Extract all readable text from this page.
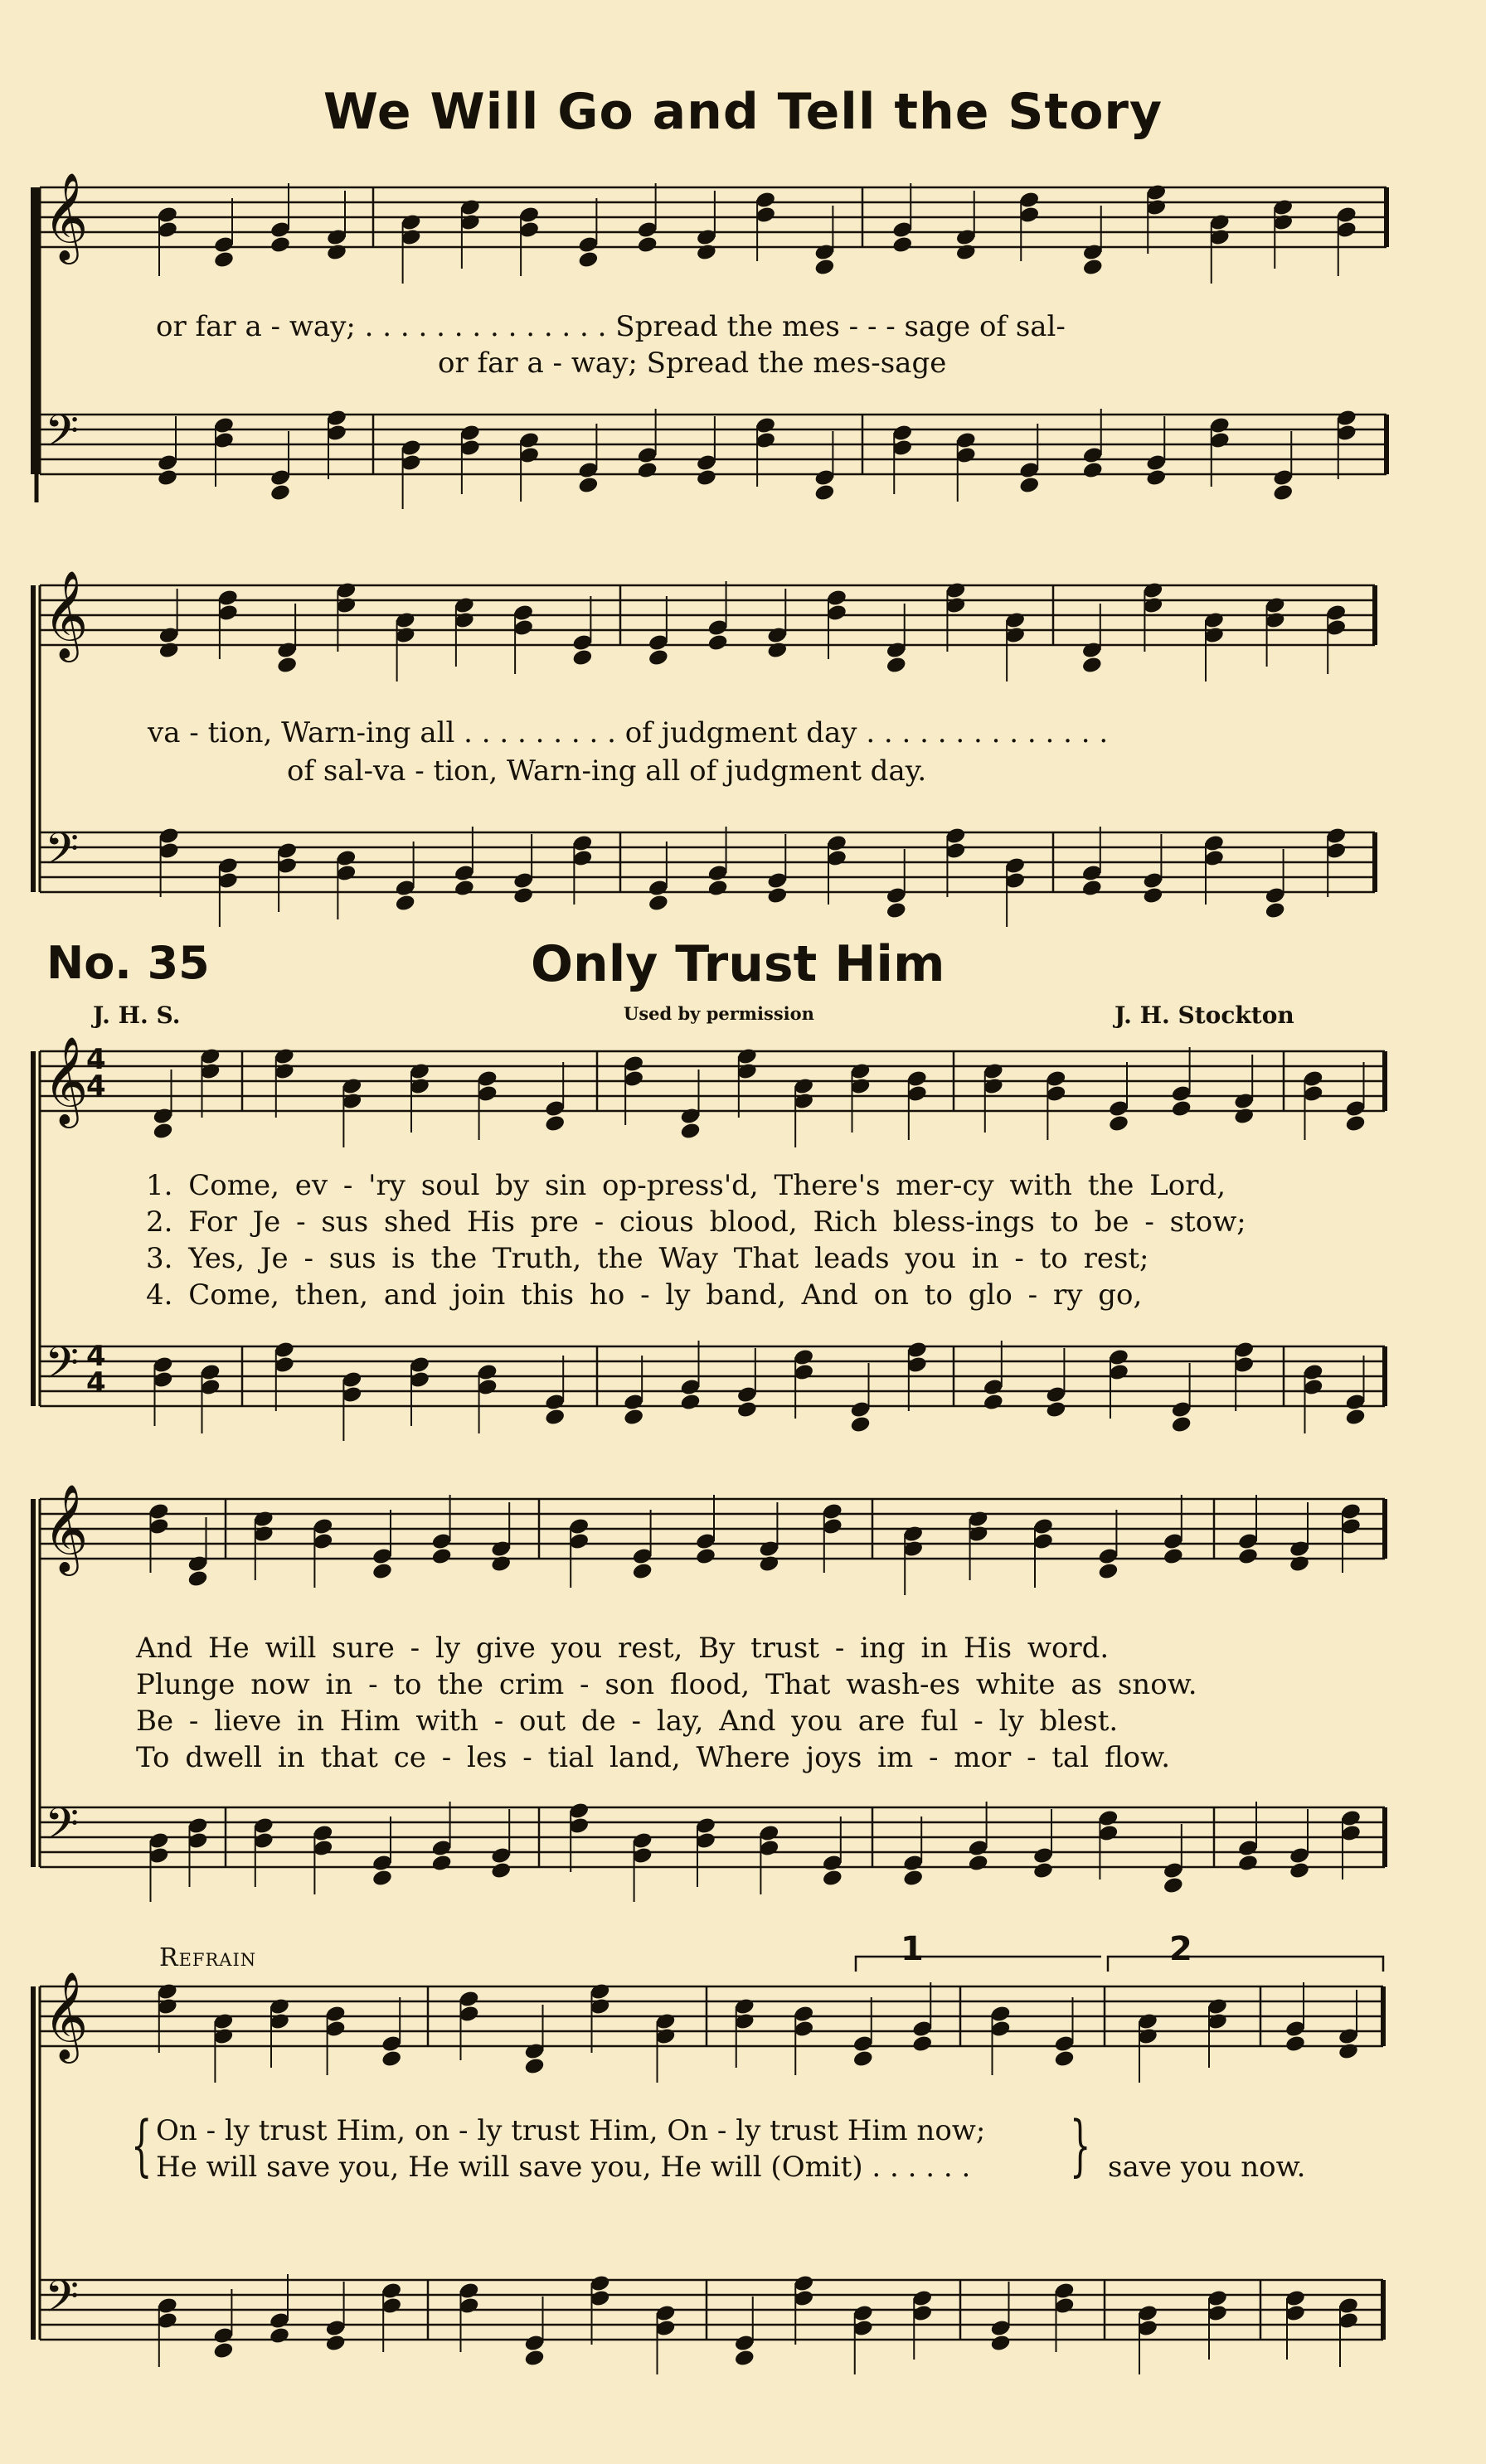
We Will Go and Tell the Story
or far a - way; . . . . . . . . . . . . . . Spread the mes - - - sage of sal-
or far a - way; Spread the mes-sage
va - tion, Warn-ing all . . . . . . . . . of judgment day . . . . . . . . . . . . . .
of sal-va - tion, Warn-ing all of judgment day.
No. 35	Only Trust Him
J. H. S.	Used by permission	J. H. Stockton
4
4
4
4
1. Come, ev - 'ry soul by sin op-press'd, There's mer-cy with the Lord,
2. For Je - sus shed His pre - cious blood, Rich bless-ings to be - stow;
3. Yes, Je - sus is the Truth, the Way That leads you in - to rest;
4. Come, then, and join this ho - ly band, And on to glo - ry go,
And He will sure - ly give you rest, By trust - ing in His word.
Plunge now in - to the crim - son flood, That wash-es white as snow.
Be - lieve in Him with - out de - lay, And you are ful - ly blest.
To dwell in that ce - les - tial land, Where joys im - mor - tal flow.
Refrain	1	2
{ On - ly trust Him, on - ly trust Him, On - ly trust Him now;
He will save you, He will save you, He will (Omit) . . . . . . } save you now.
𝄞
𝄢
𝄞
𝄢
𝄞
𝄢
𝄞
𝄢
𝄞
𝄢
